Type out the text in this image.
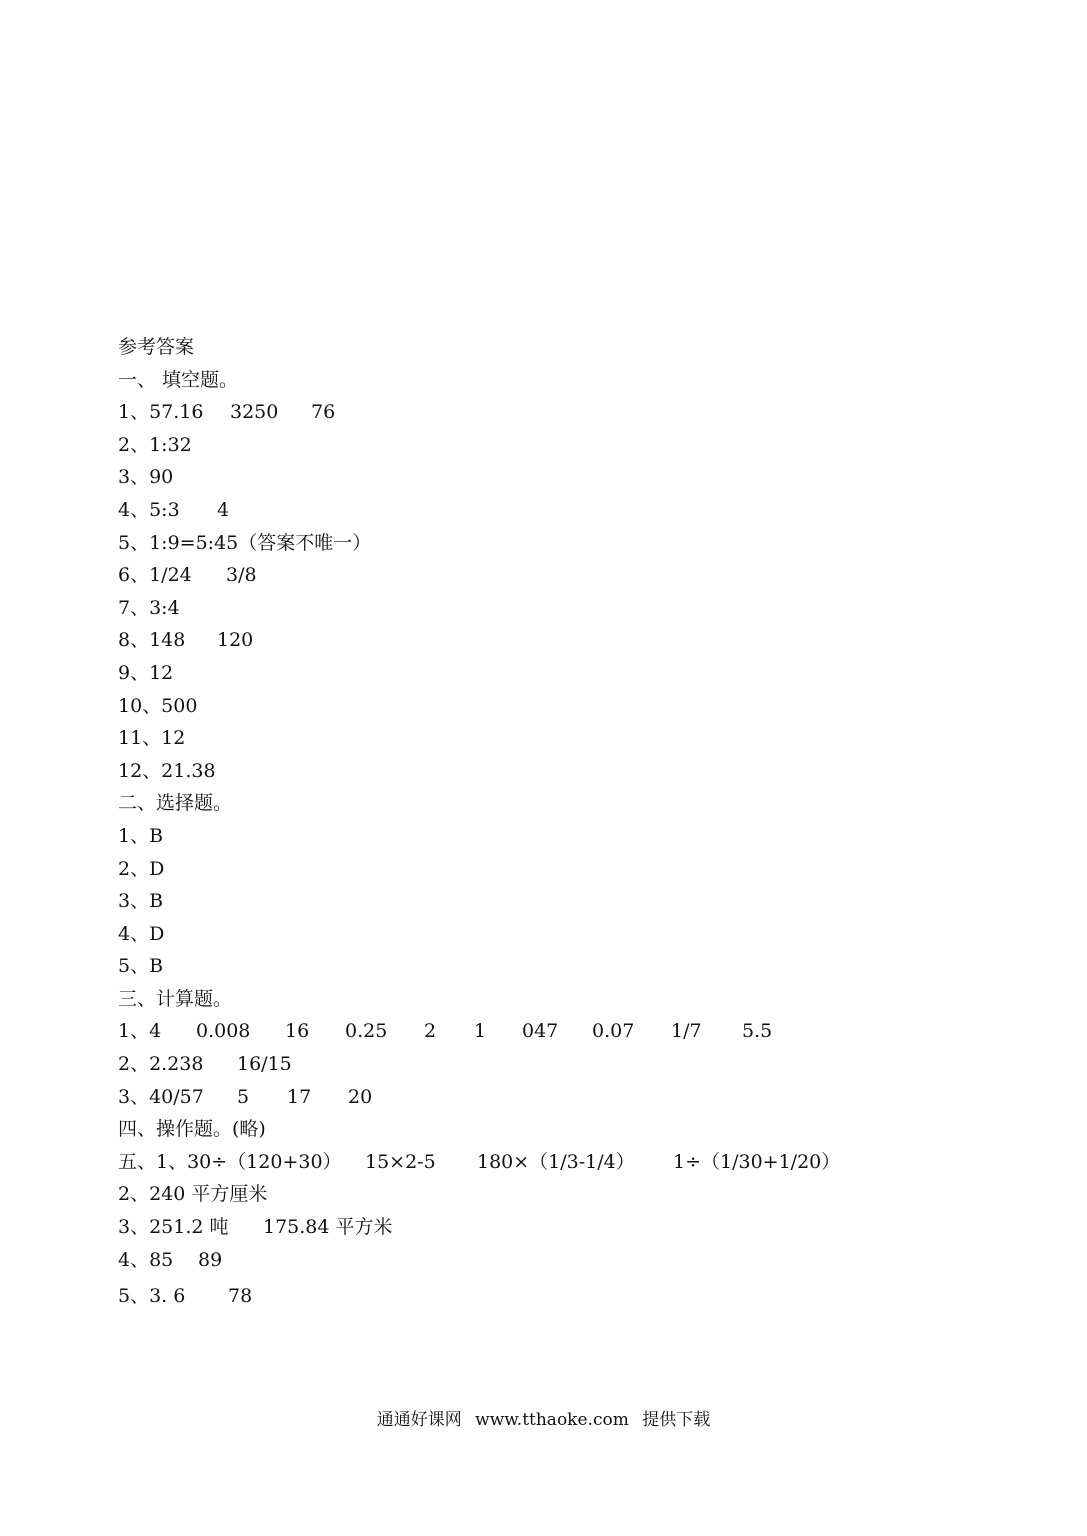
参考答案
一、 填空题。
1、57.16 3250 76
2、1:32
3、90
4、5:3 4
5、1:9=5:45（答案不唯一）
6、1/24 3/8
7、3:4
8、148 120
9、12
10、500
11、12
12、21.38
二、选择题。
1、B
2、D
3、B
4、D
5、B
三、计算题。
1、4 0.008 16 0.25 2 1 047 0.07 1/7 5.5
2、2.238 16/15
3、40/57 5 17 20
四、操作题。(略)
五、1、30÷（120+30） 15×2-5 180×（1/3-1/4） 1÷（1/30+1/20）
2、240 平方厘米
3、251.2 吨 175.84 平方米
4、85 89
5、3. 6 78
通通好课网 www.tthaoke.com 提供下载
